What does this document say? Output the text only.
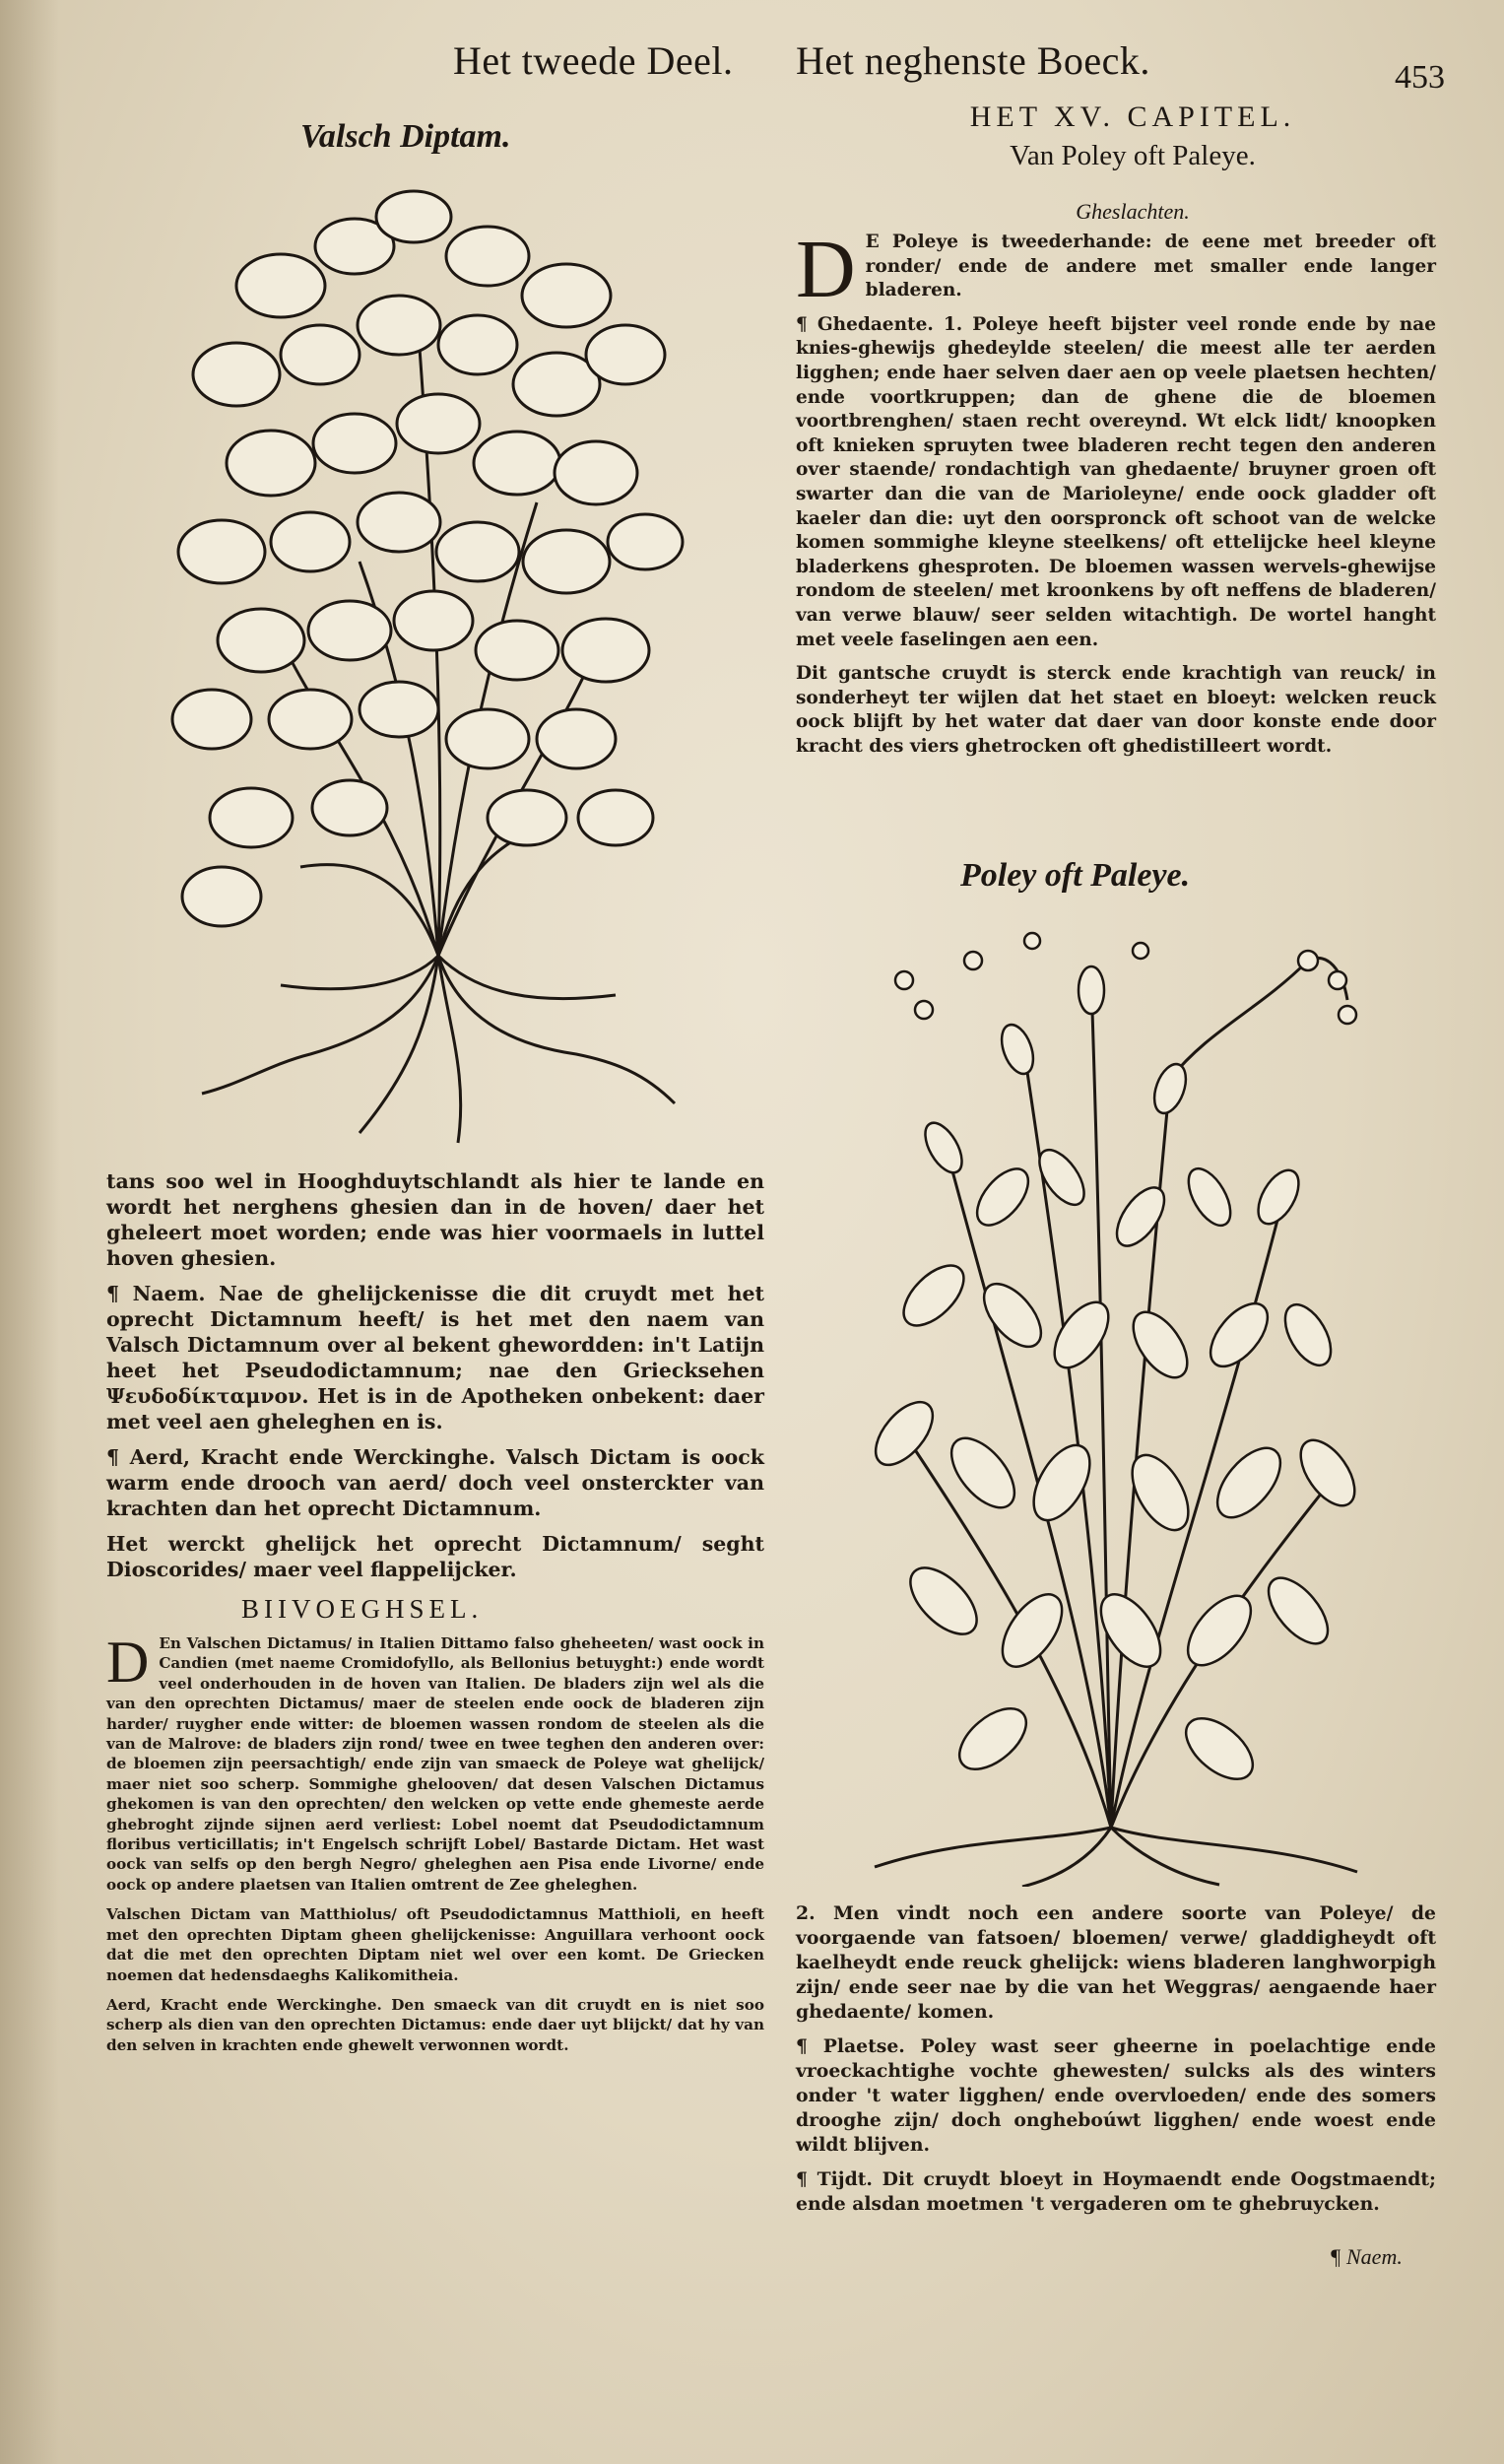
Het tweede Deel. Het neghenste Boeck.	453
Valsch Diptam.

tans soo wel in Hooghduytschlandt als hier te lande en wordt het nerghens ghesien dan in de hoven/ daer het gheleert moet worden; ende was hier voormaels in luttel hoven ghesien.

¶ Naem. Nae de ghelijckenisse die dit cruydt met het oprecht Dictamnum heeft/ is het met den naem van Valsch Dictamnum over al bekent ghewordden: in't Latijn heet het Pseudodictamnum; nae den Griecksehen Ψευδοδίκταμνον. Het is in de Apotheken onbekent: daer met veel aen gheleghen en is.

¶ Aerd, Kracht ende Werckinghe. Valsch Dictam is oock warm ende drooch van aerd/ doch veel onsterckter van krachten dan het oprecht Dictamnum.

Het werckt ghelijck het oprecht Dictamnum/ seght Dioscorides/ maer veel flappelijcker.

BIIVOEGHSEL.

D En Valschen Dictamus/ in Italien Dittamo falso gheheeten/ wast oock in Candien (met naeme Cromidofyllo, als Bellonius betuyght:) ende wordt veel onderhouden in de hoven van Italien. De bladers zijn wel als die van den oprechten Dictamus/ maer de steelen ende oock de bladeren zijn harder/ ruygher ende witter: de bloemen wassen rondom de steelen als die van de Malrove: de bladers zijn rond/ twee en twee teghen den anderen over: de bloemen zijn peersachtigh/ ende zijn van smaeck de Poleye wat ghelijck/ maer niet soo scherp. Sommighe ghelooven/ dat desen Valschen Dictamus ghekomen is van den oprechten/ den welcken op vette ende ghemeste aerde ghebroght zijnde sijnen aerd verliest: Lobel noemt dat Pseudodictamnum floribus verticillatis; in't Engelsch schrijft Lobel/ Bastarde Dictam. Het wast oock van selfs op den bergh Negro/ gheleghen aen Pisa ende Livorne/ ende oock op andere plaetsen van Italien omtrent de Zee gheleghen.

Valschen Dictam van Matthiolus/ oft Pseudodictamnus Matthioli, en heeft met den oprechten Diptam gheen ghelijckenisse: Anguillara verhoont oock dat die met den oprechten Diptam niet wel over een komt. De Griecken noemen dat hedensdaeghs Kalikomitheia.

Aerd, Kracht ende Werckinghe. Den smaeck van dit cruydt en is niet soo scherp als dien van den oprechten Dictamus: ende daer uyt blijckt/ dat hy van den selven in krachten ende ghewelt verwonnen wordt.

HET XV. CAPITEL.
Van Poley oft Paleye.
Gheslachten.

D E Poleye is tweederhande: de eene met breeder oft ronder/ ende de andere met smaller ende langer bladeren.

¶ Ghedaente. 1. Poleye heeft bijster veel ronde ende by nae knies-ghewijs ghedeylde steelen/ die meest alle ter aerden ligghen; ende haer selven daer aen op veele plaetsen hechten/ ende voortkruppen; dan de ghene die de bloemen voortbrenghen/ staen recht overeynd. Wt elck lidt/ knoopken oft knieken spruyten twee bladeren recht tegen den anderen over staende/ rondachtigh van ghedaente/ bruyner groen oft swarter dan die van de Marioleyne/ ende oock gladder oft kaeler dan die: uyt den oorspronck oft schoot van de welcke komen sommighe kleyne steelkens/ oft ettelijcke heel kleyne bladerkens ghesproten. De bloemen wassen wervels-ghewijse rondom de steelen/ met kroonkens by oft neffens de bladeren/ van verwe blauw/ seer selden witachtigh. De wortel hanght met veele faselingen aen een.

Dit gantsche cruydt is sterck ende krachtigh van reuck/ in sonderheyt ter wijlen dat het staet en bloeyt: welcken reuck oock blijft by het water dat daer van door konste ende door kracht des viers ghetrocken oft ghedistilleert wordt.

Poley oft Paleye.

2. Men vindt noch een andere soorte van Poleye/ de voorgaende van fatsoen/ bloemen/ verwe/ gladdigheydt oft kaelheydt ende reuck ghelijck: wiens bladeren langhworpigh zijn/ ende seer nae by die van het Weggras/ aengaende haer ghedaente/ komen.

¶ Plaetse. Poley wast seer gheerne in poelachtige ende vroeckachtighe vochte ghewesten/ sulcks als des winters onder 't water ligghen/ ende overvloeden/ ende des somers drooghe zijn/ doch ongheboúwt ligghen/ ende woest ende wildt blijven.

¶ Tijdt. Dit cruydt bloeyt in Hoymaendt ende Oogstmaendt; ende alsdan moetmen 't vergaderen om te ghebruycken.

¶ Naem.
